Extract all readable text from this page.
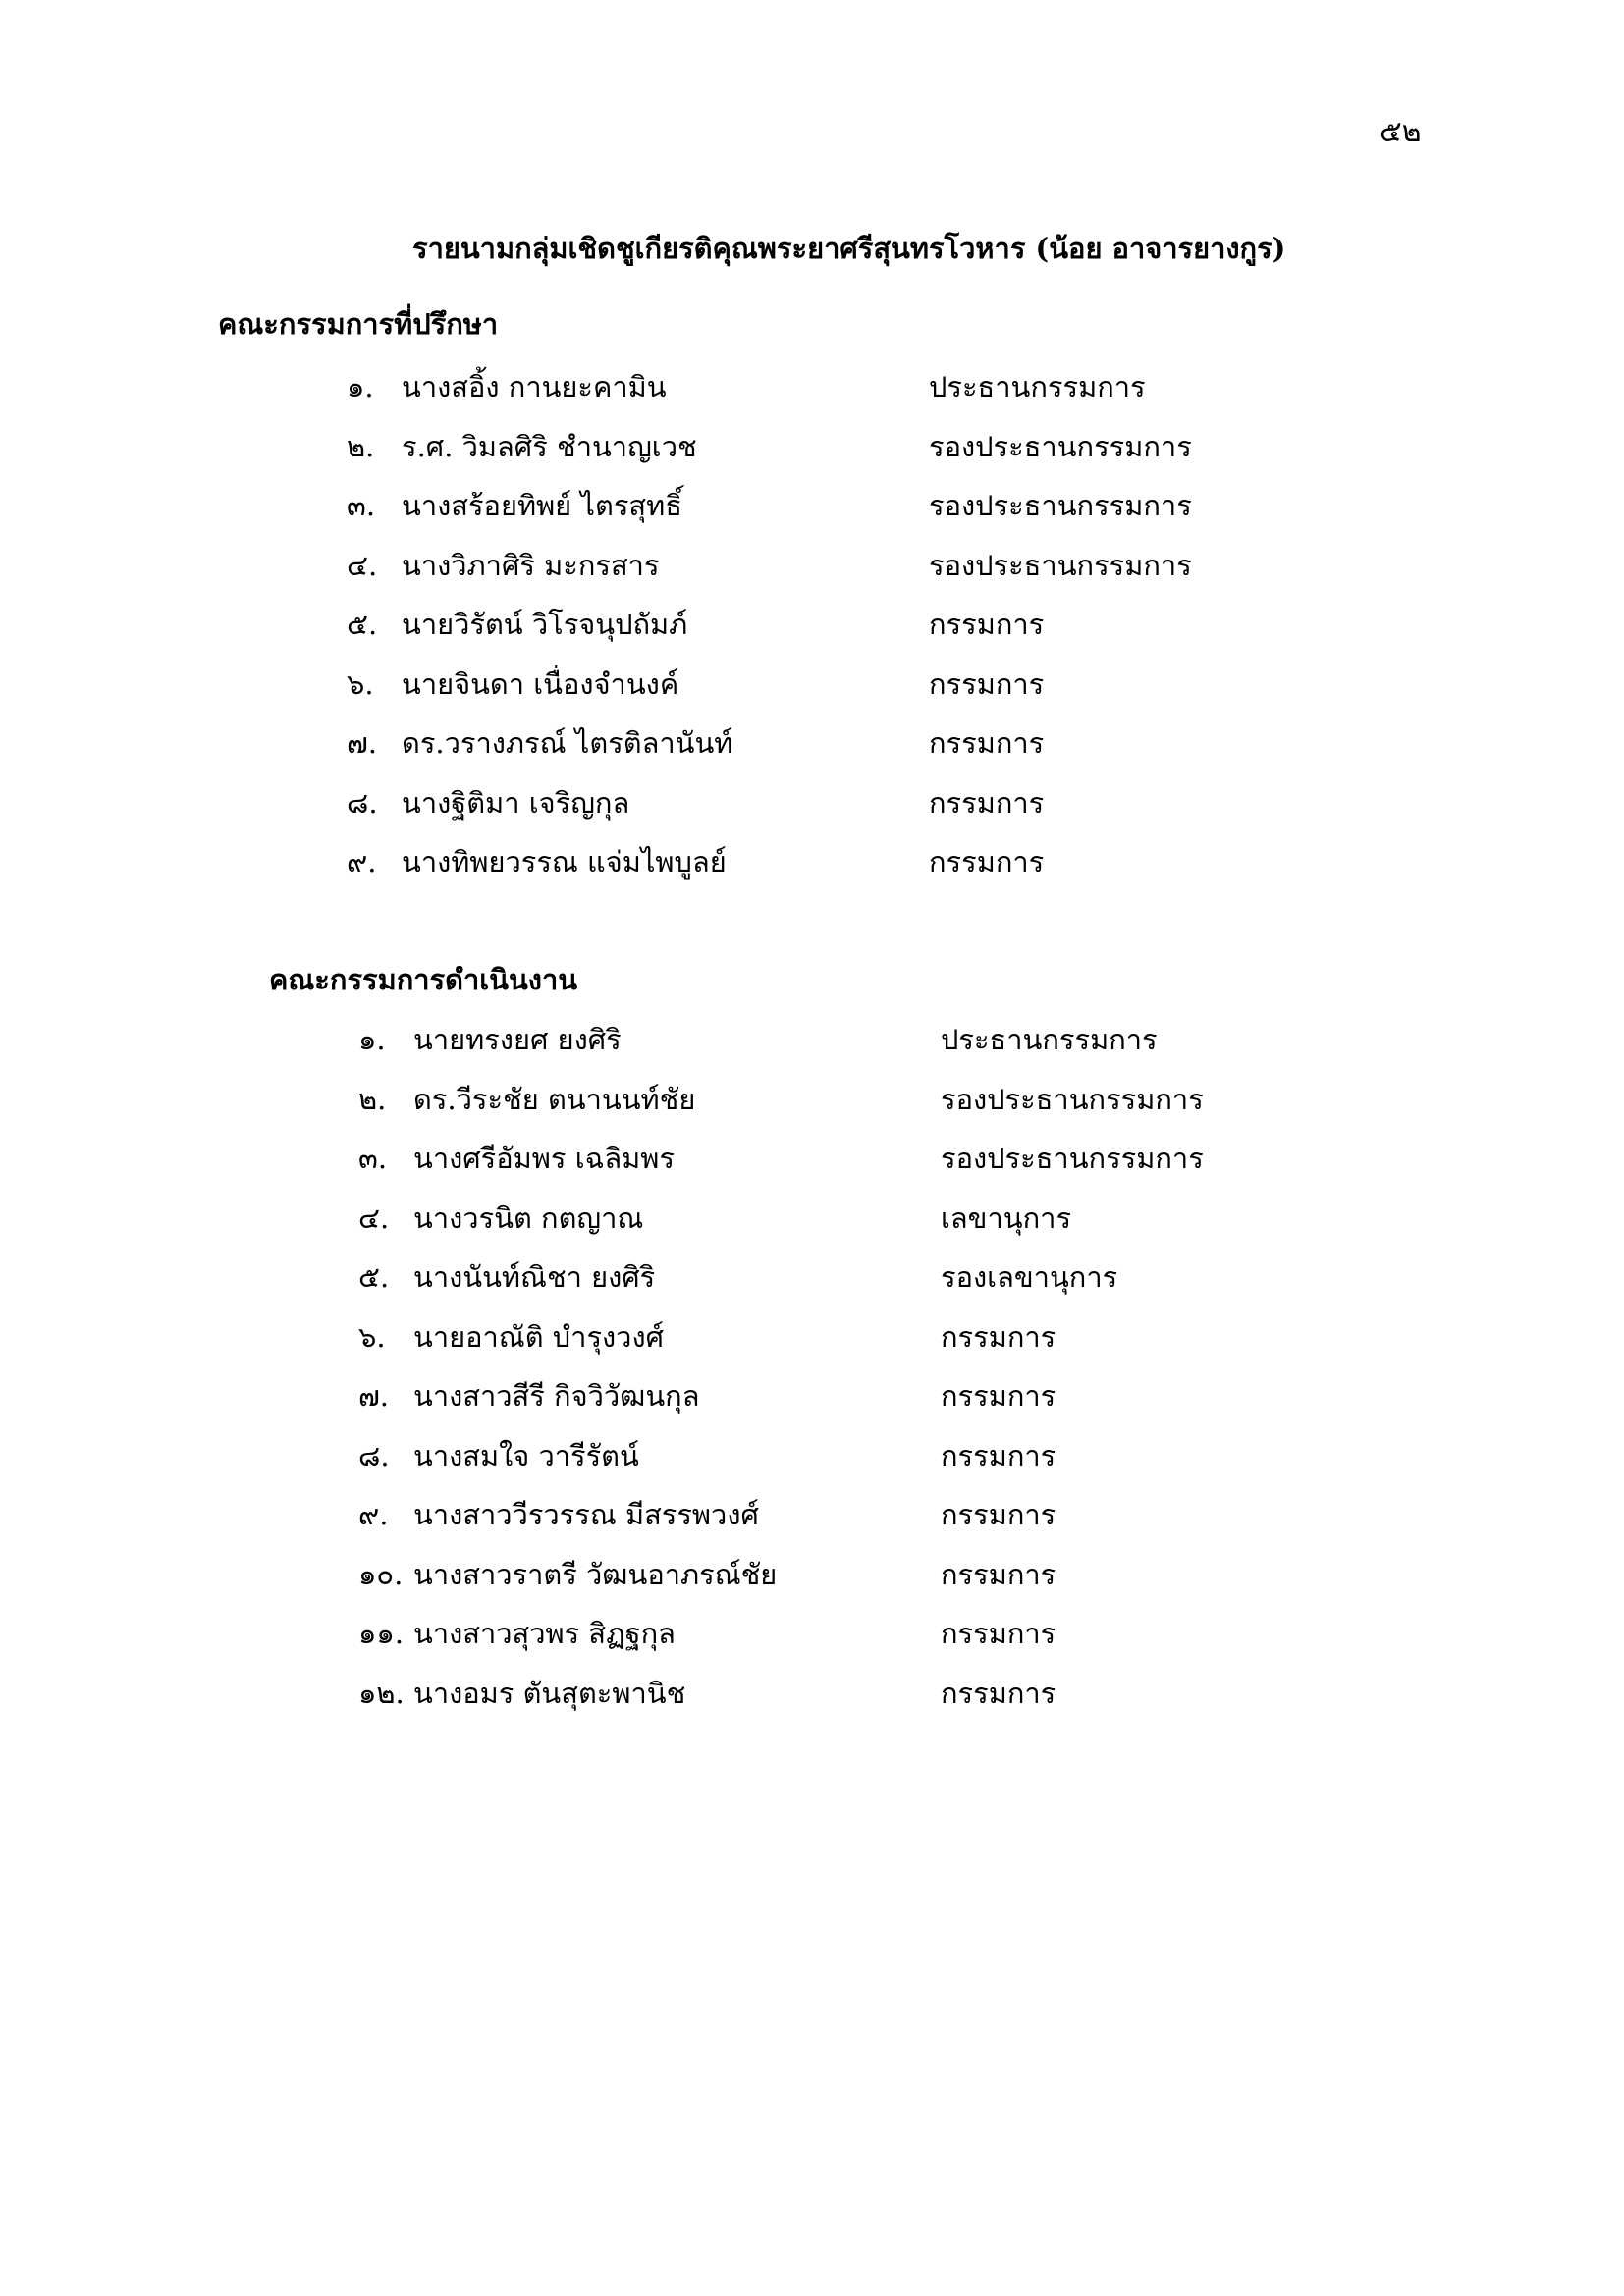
๕๒
รายนามกลุ่มเชิดชูเกียรติคุณพระยาศรีสุนทรโวหาร (น้อย อาจารยางกูร)
คณะกรรมการที่ปรึกษา
๑. นางสอิ้ง กานยะคามิน	ประธานกรรมการ
๒. ร.ศ. วิมลศิริ ชำนาญเวช	รองประธานกรรมการ
๓. นางสร้อยทิพย์ ไตรสุทธิ์	รองประธานกรรมการ
๔. นางวิภาศิริ มะกรสาร	รองประธานกรรมการ
๕. นายวิรัตน์ วิโรจนุปถัมภ์	กรรมการ
๖. นายจินดา เนื่องจำนงค์	กรรมการ
๗. ดร.วรางภรณ์ ไตรติลานันท์	กรรมการ
๘. นางฐิติมา เจริญกุล	กรรมการ
๙. นางทิพยวรรณ แจ่มไพบูลย์	กรรมการ
คณะกรรมการดำเนินงาน
๑. นายทรงยศ ยงศิริ	ประธานกรรมการ
๒. ดร.วีระชัย ตนานนท์ชัย	รองประธานกรรมการ
๓. นางศรีอัมพร เฉลิมพร	รองประธานกรรมการ
๔. นางวรนิต กตญาณ	เลขานุการ
๕. นางนันท์ณิชา ยงศิริ	รองเลขานุการ
๖. นายอาณัติ บำรุงวงศ์	กรรมการ
๗. นางสาวสีรี กิจวิวัฒนกุล	กรรมการ
๘. นางสมใจ วารีรัตน์	กรรมการ
๙. นางสาววีรวรรณ มีสรรพวงศ์	กรรมการ
๑๐. นางสาวราตรี วัฒนอาภรณ์ชัย	กรรมการ
๑๑. นางสาวสุวพร สิฏฐกุล	กรรมการ
๑๒. นางอมร ตันสุตะพานิช	กรรมการ
